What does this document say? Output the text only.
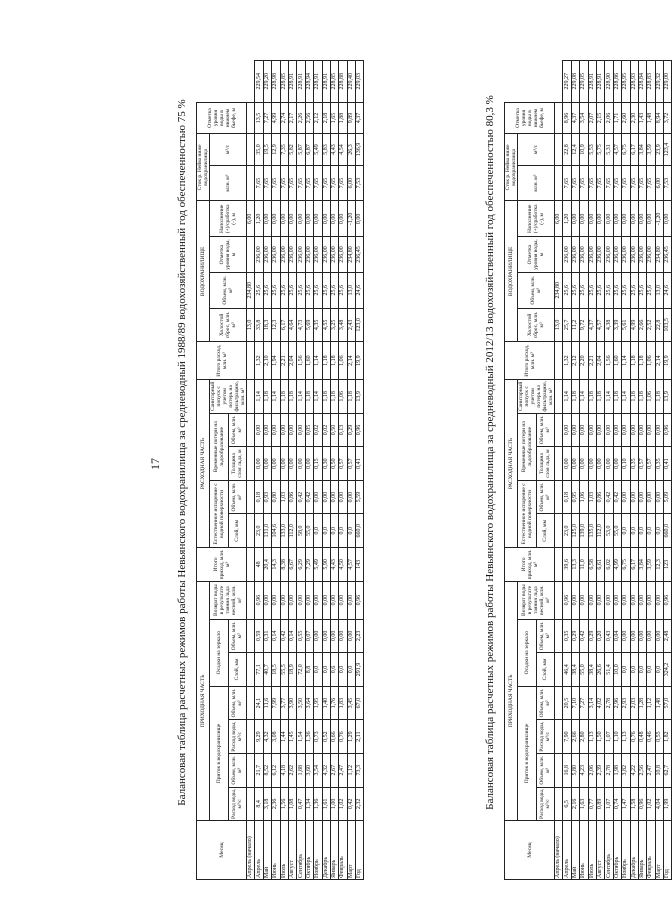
17 Балансовая таблица расчетных режимов работы Невьянского водохранилища за средневодный 1988/89 водохозяйственный год обеспеченностью 75 %
Месяц	ПРИХОДНАЯ ЧАСТЬ							Итого приход, млн. м³	РАСХОДНАЯ ЧАСТЬ					Итого расход, млн. м³	ВОДОХРАНИЛИЩЕ				Сток р. Нейва ниже водохранилища		Отметка уровня воды в нижнем бьефе, м	
	Приток в водохранилище				Осадки на зеркало		Возврат воды в результате таяния льда весной, млн. м³		Естественное испарение с водной поверхности		Временные потери на льдообразование		Санитарный попуск с учетом потерь на фильтрацию, млн. м³		Холостой сброс, млн. м³	Объем, млн. м³	Отметка уровня воды, м	Наполнение (+)/сработка (-), м	млн. м³	м³/с		
	Расход воды, м³/с	Объем, млн. м³	Расход воды, м³/с	Объем, млн. м³	Слой, мм	Объем, млн. м³			Слой, мм	Объем, млн. м³	Толщина слоя льда, м	Объем, млн. м³										
Апрель (начало)															13,0	234,80		6,00				
Апрель	8,4	21,7	9,29	24,1	77,1	0,59	0,96	48	23,0	0,18	0,00	0,00	1,14	1,32	33,8	25,6	236,00	1,20	7,65	35,0	13,5	229,54
Май	3,18	8,52	4,32	11,6	40,7	0,31	0,00	20,4	131,0	0,93	0,00	0,00	1,18	2,10	18,3	25,6	236,00	0,00	7,65	19,5	7,27	229,20
Июнь	2,36	6,12	3,08	7,99	18,5	0,14	0,00	14,3	104,6	0,80	0,00	0,00	1,14	1,94	12,3	25,6	236,00	0,00	7,65	12,9	4,99	228,98
Июль	1,56	4,18	1,44	3,77	55,5	0,42	0,00	8,38	133,0	1,03	0,00	0,00	1,18	2,21	6,17	25,6	236,00	0,00	7,65	7,35	2,74	228,85
Август	1,08	2,62	1,45	3,90	18,9	0,14	0,00	6,67	112,0	0,86	0,00	0,00	1,18	2,04	4,64	25,6	236,00	0,00	7,65	5,82	2,17	228,91
Сентябрь	0,47	1,88	1,54	3,50	72,0	0,55	0,00	6,29	58,0	0,42	0,00	0,00	1,14	1,56	4,73	25,6	236,00	0,00	7,65	5,87	2,26	228,91
Октябрь	1,34	3,60	1,36	3,64	8,8	0,07	0,00	7,29	55,0	0,42	0,00	0,05	1,18	1,60	5,69	25,6	236,00	0,00	7,65	6,87	2,56	228,94
Ноябрь	1,36	3,54	0,73	1,95	0,0	0,00	0,00	5,49	0,0	0,00	0,15	0,02	1,14	1,14	4,35	25,6	236,00	0,00	7,65	5,49	2,12	228,91
Декабрь	1,61	4,32	0,52	1,40	0,0	0,00	0,00	5,90	0,0	0,00	0,30	0,02	1,18	1,18	4,55	25,6	236,00	0,00	7,65	5,83	2,18	228,91
Январь	1,00	2,67	0,66	1,76	0,6	0,00	0,00	4,43	0,0	0,00	0,50	0,50	1,18	1,18	3,25	25,6	236,00	0,00	7,65	4,43	1,65	228,85
Февраль	1,02	2,47	0,76	1,83	0,0	0,00	0,00	4,50	0,0	0,00	0,57	0,13	1,06	1,06	3,48	25,6	236,00	0,00	7,65	4,54	1,88	228,88
Март	0,42	1,12	1,29	3,45	0,0	0,00	0,00	4,57	0,0	0,00	0,57	0,29	1,18	2,14	2,43	13,0	234,80	-1,20	6,00	26,3	9,89	229,40
Год	2,32	73,3	2,11	67,0	291,9	2,23	0,96	143	660,0	5,59	0,41	0,96	13,9	19,9	123,0	24,6	236,45	0,00	7,53	136,9	4,37	229,03
Балансовая таблица расчетных режимов работы Невьянского водохранилища за средневодный 2012/13 водохозяйственный год обеспеченностью 80,3 %
Месяц	ПРИХОДНАЯ ЧАСТЬ							Итого приход, млн. м³	РАСХОДНАЯ ЧАСТЬ					Итого расход, млн. м³	ВОДОХРАНИЛИЩЕ				Сток р. Нейва ниже водохранилища		Отметка уровня воды в нижнем бьефе, м	
	Приток в водохранилище				Осадки на зеркало		Возврат воды в результате таяния льда весной, млн. м³		Естественное испарение с водной поверхности		Временные потери на льдообразование		Санитарный попуск с учетом потерь на фильтрацию, млн. м³		Холостой сброс, млн. м³	Объем, млн. м³	Отметка уровня воды, м	Наполнение (+)/сработка (-), м	млн. м³	м³/с		
	Расход воды, м³/с	Объем, млн. м³	Расход воды, м³/с	Объем, млн. м³	Слой, мм	Объем, млн. м³			Слой, мм	Объем, млн. м³	Толщина слоя льда, м	Объем, млн. м³										
Апрель (начало)															13,0	234,80		6,00				
Апрель	6,5	16,8	7,90	20,5	46,4	0,35	0,96	39,6	23,0	0,18	0,00	0,00	1,14	1,32	25,7	25,6	236,00	1,20	7,65	22,8	8,96	229,27
Май	2,16	5,80	2,66	7,10	38,4	0,29	0,00	13,3	125,0	0,95	0,00	0,00	1,18	2,12	11,2	25,6	236,00	0,00	7,65	12,4	4,37	229,08
Июнь	1,63	4,23	2,80	7,27	55,0	0,42	0,00	11,0	139,0	1,06	0,00	0,00	1,14	2,20	9,72	25,6	236,00	0,00	7,65	10,9	3,54	229,05
Июль	0,77	2,06	1,13	3,14	38,4	0,29	0,00	6,58	135,0	1,03	0,00	0,00	1,18	2,21	4,37	25,6	236,00	0,00	7,65	5,53	2,07	228,91
Август	0,89	2,39	1,50	4,02	26,6	0,20	0,00	6,61	112,0	0,86	0,00	0,00	1,18	2,04	4,57	25,6	236,00	0,00	7,65	5,75	2,15	228,91
Сентябрь	1,07	2,78	1,07	2,78	51,4	0,43	0,00	6,02	53,0	0,42	0,00	0,00	1,14	1,56	4,38	25,6	236,00	0,00	7,65	5,31	2,06	228,90
Октябрь	0,74	1,98	1,10	2,96	10,0	0,04	0,00	4,99	55,0	0,42	0,00	0,00	1,18	1,60	3,39	25,6	236,00	0,00	7,65	4,57	1,71	228,86
Ноябрь	1,47	3,82	1,13	2,93	0,0	0,00	0,00	6,75	0,0	0,00	0,10	0,00	1,14	1,14	5,61	25,6	236,00	0,00	7,65	6,75	2,60	228,95
Декабрь	1,58	4,22	0,76	2,03	0,0	0,00	0,00	6,17	0,0	0,00	0,35	0,00	1,18	1,18	4,99	25,6	236,00	0,00	7,65	6,17	2,30	228,93
Январь	0,96	2,56	0,48	1,28	0,0	0,00	0,00	3,84	0,0	0,00	0,57	0,00	1,18	1,18	2,66	25,6	236,00	0,00	7,65	3,84	1,43	228,84
Февраль	1,02	2,47	0,46	1,12	0,0	0,00	0,00	3,59	0,0	0,00	0,57	0,00	1,06	1,06	2,52	25,6	236,00	0,00	7,65	3,59	1,48	228,83
Март	4,04	10,8	0,55	1,48	0,0	0,00	0,00	12,3	0,0	0,00	0,35	0,00	1,18	2,14	22,8	13,0	234,80	-1,20	6,00	23,9	8,94	229,32
Год	1,99	62,7	1,82	57,0	324,2	2,48	0,96	123	660,0	5,09	0,41	0,96	13,9	19,9	103,5	24,6	236,45	0,00	7,53	123,4	3,72	229,00
